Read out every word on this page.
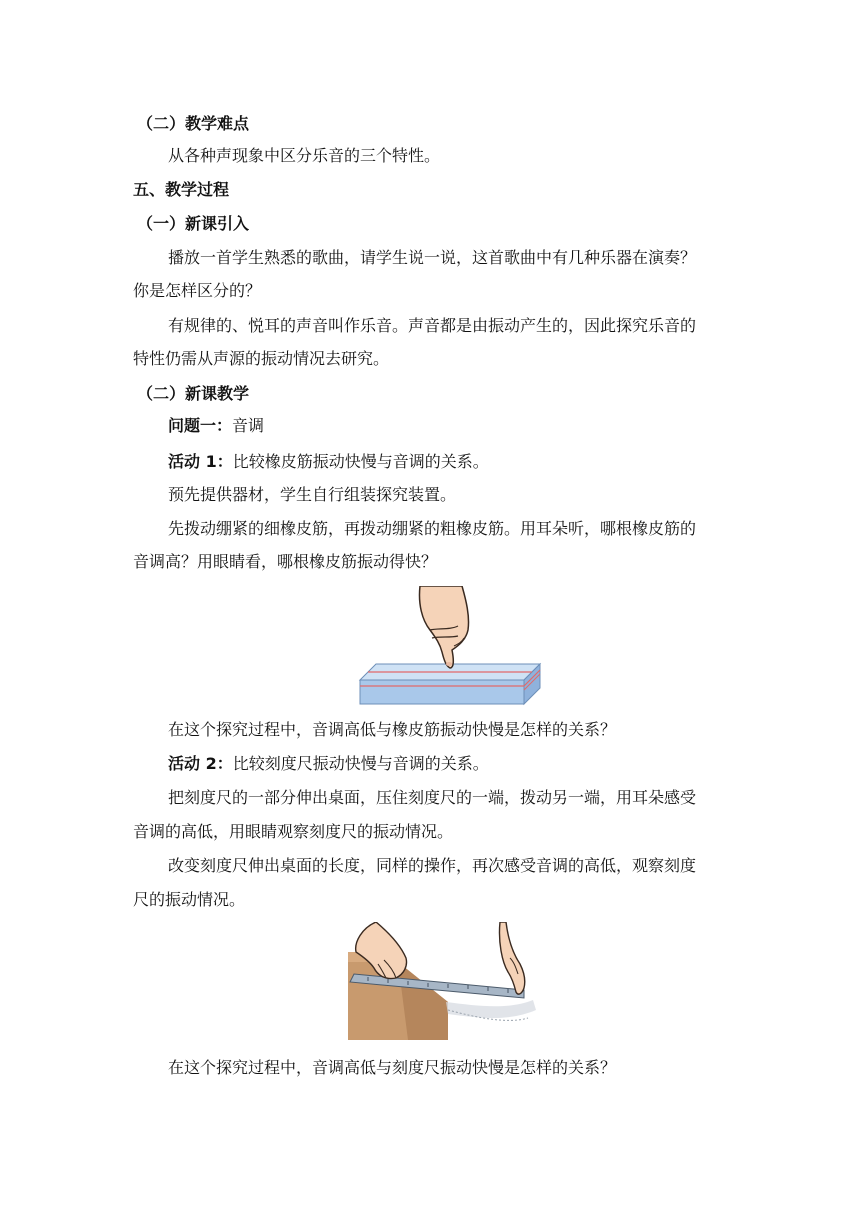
（二）教学难点
从各种声现象中区分乐音的三个特性。
五、教学过程
（一）新课引入
播放一首学生熟悉的歌曲，请学生说一说，这首歌曲中有几种乐器在演奏？
你是怎样区分的？
有规律的、悦耳的声音叫作乐音。声音都是由振动产生的，因此探究乐音的
特性仍需从声源的振动情况去研究。
（二）新课教学
问题一：音调
活动 1：比较橡皮筋振动快慢与音调的关系。
预先提供器材，学生自行组装探究装置。
先拨动绷紧的细橡皮筋，再拨动绷紧的粗橡皮筋。用耳朵听，哪根橡皮筋的
音调高？用眼睛看，哪根橡皮筋振动得快？
在这个探究过程中，音调高低与橡皮筋振动快慢是怎样的关系？
活动 2：比较刻度尺振动快慢与音调的关系。
把刻度尺的一部分伸出桌面，压住刻度尺的一端，拨动另一端，用耳朵感受
音调的高低，用眼睛观察刻度尺的振动情况。
改变刻度尺伸出桌面的长度，同样的操作，再次感受音调的高低，观察刻度
尺的振动情况。
在这个探究过程中，音调高低与刻度尺振动快慢是怎样的关系？
